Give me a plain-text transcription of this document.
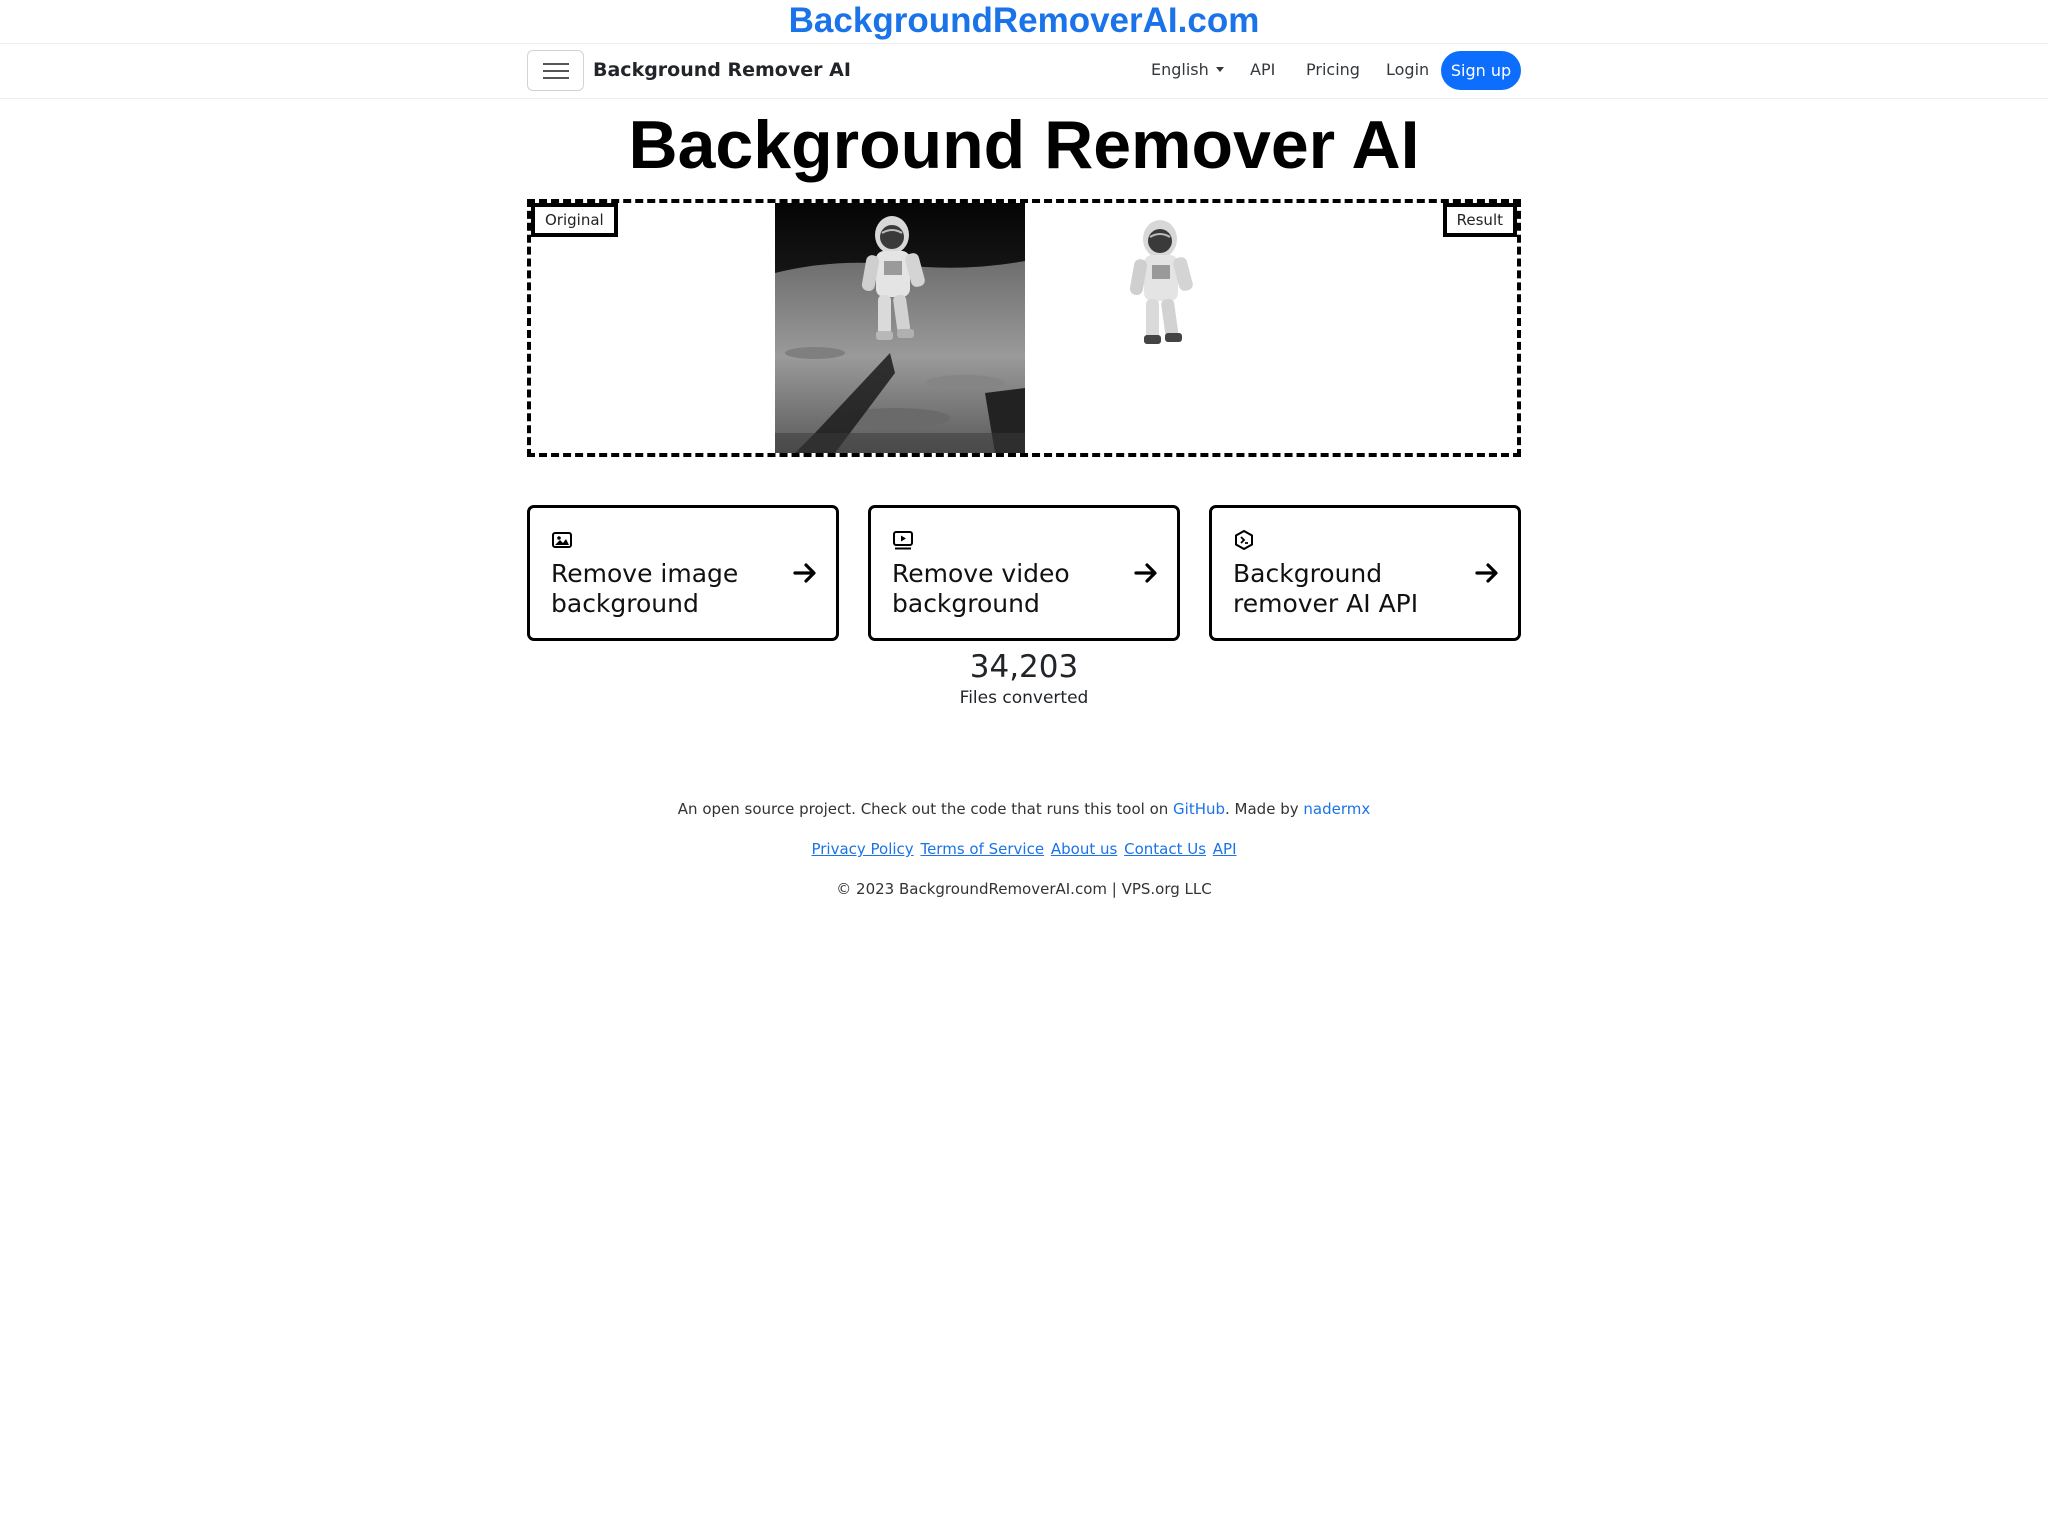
BackgroundRemoverAI.com
Background Remover AI	English	API Pricing Login	Sign up
Background Remover AI
Original	Result
Remove image background
Remove video background
Background remover AI API
34,203
Files converted
An open source project. Check out the code that runs this tool on GitHub. Made by nadermx
Privacy Policy Terms of Service About us Contact Us API
© 2023 BackgroundRemoverAI.com | VPS.org LLC
